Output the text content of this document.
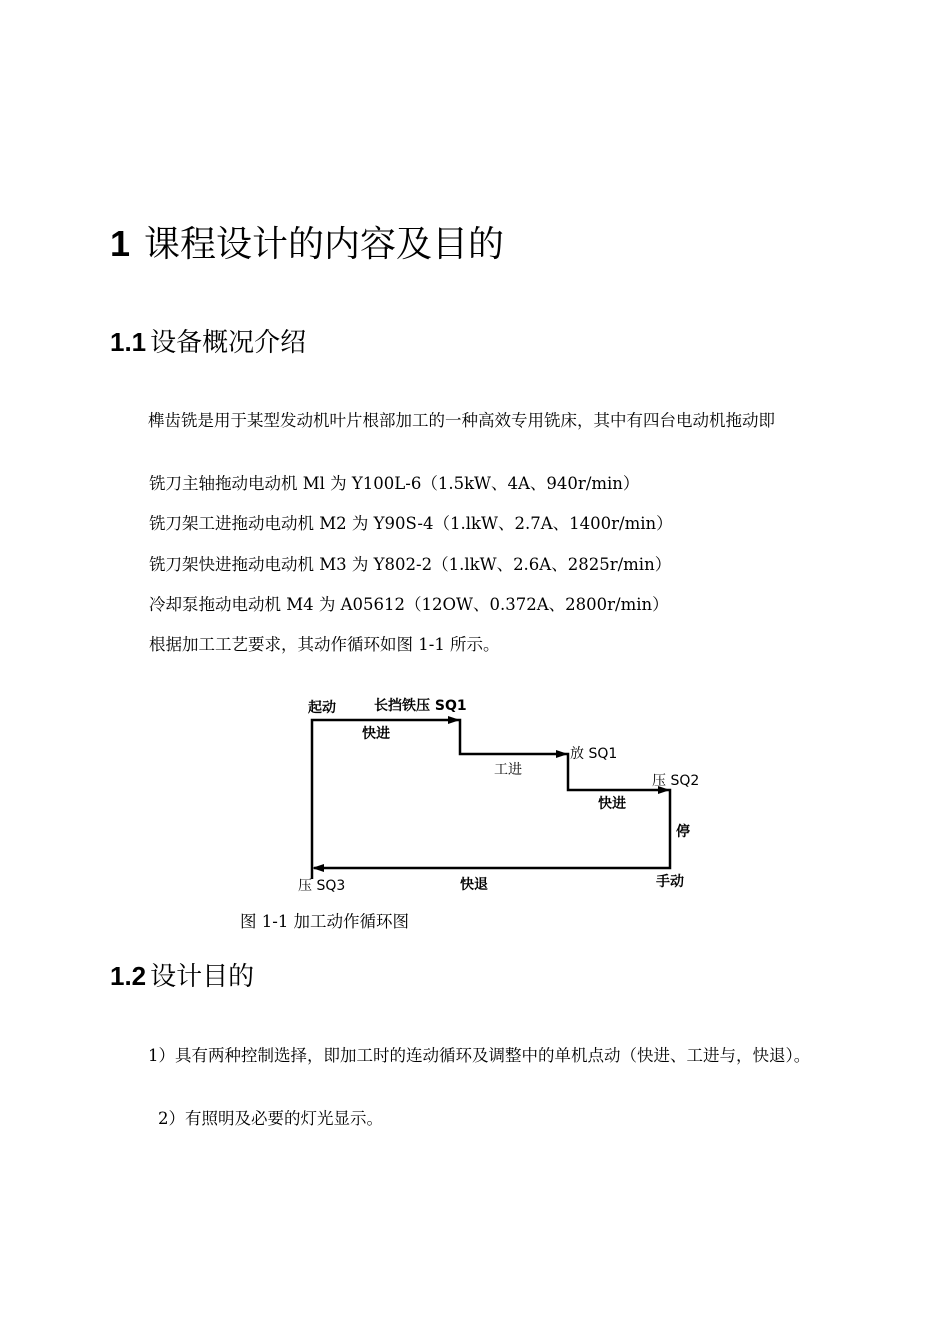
1 课程设计的内容及目的
1.1 设备概况介绍
榫齿铣是用于某型发动机叶片根部加工的一种高效专用铣床，其中有四台电动机拖动即
铣刀主轴拖动电动机 Ml 为 Y100L-6（1.5kW、4A、940r/min）
铣刀架工进拖动电动机 M2 为 Y90S-4（1.lkW、2.7A、1400r/min）
铣刀架快进拖动电动机 M3 为 Y802-2（1.lkW、2.6A、2825r/min）
冷却泵拖动电动机 M4 为 A05612（12OW、0.372A、2800r/min）
根据加工工艺要求，其动作循环如图 1-1 所示。
起动	长挡铁压 SQ1
快进
工进
放 SQ1
快进
压 SQ2
停
手动
快退
压 SQ3
图 1-1 加工动作循环图
1.2 设计目的
1）具有两种控制选择，即加工时的连动循环及调整中的单机点动（快进、工进与，快退）。
2）有照明及必要的灯光显示。
